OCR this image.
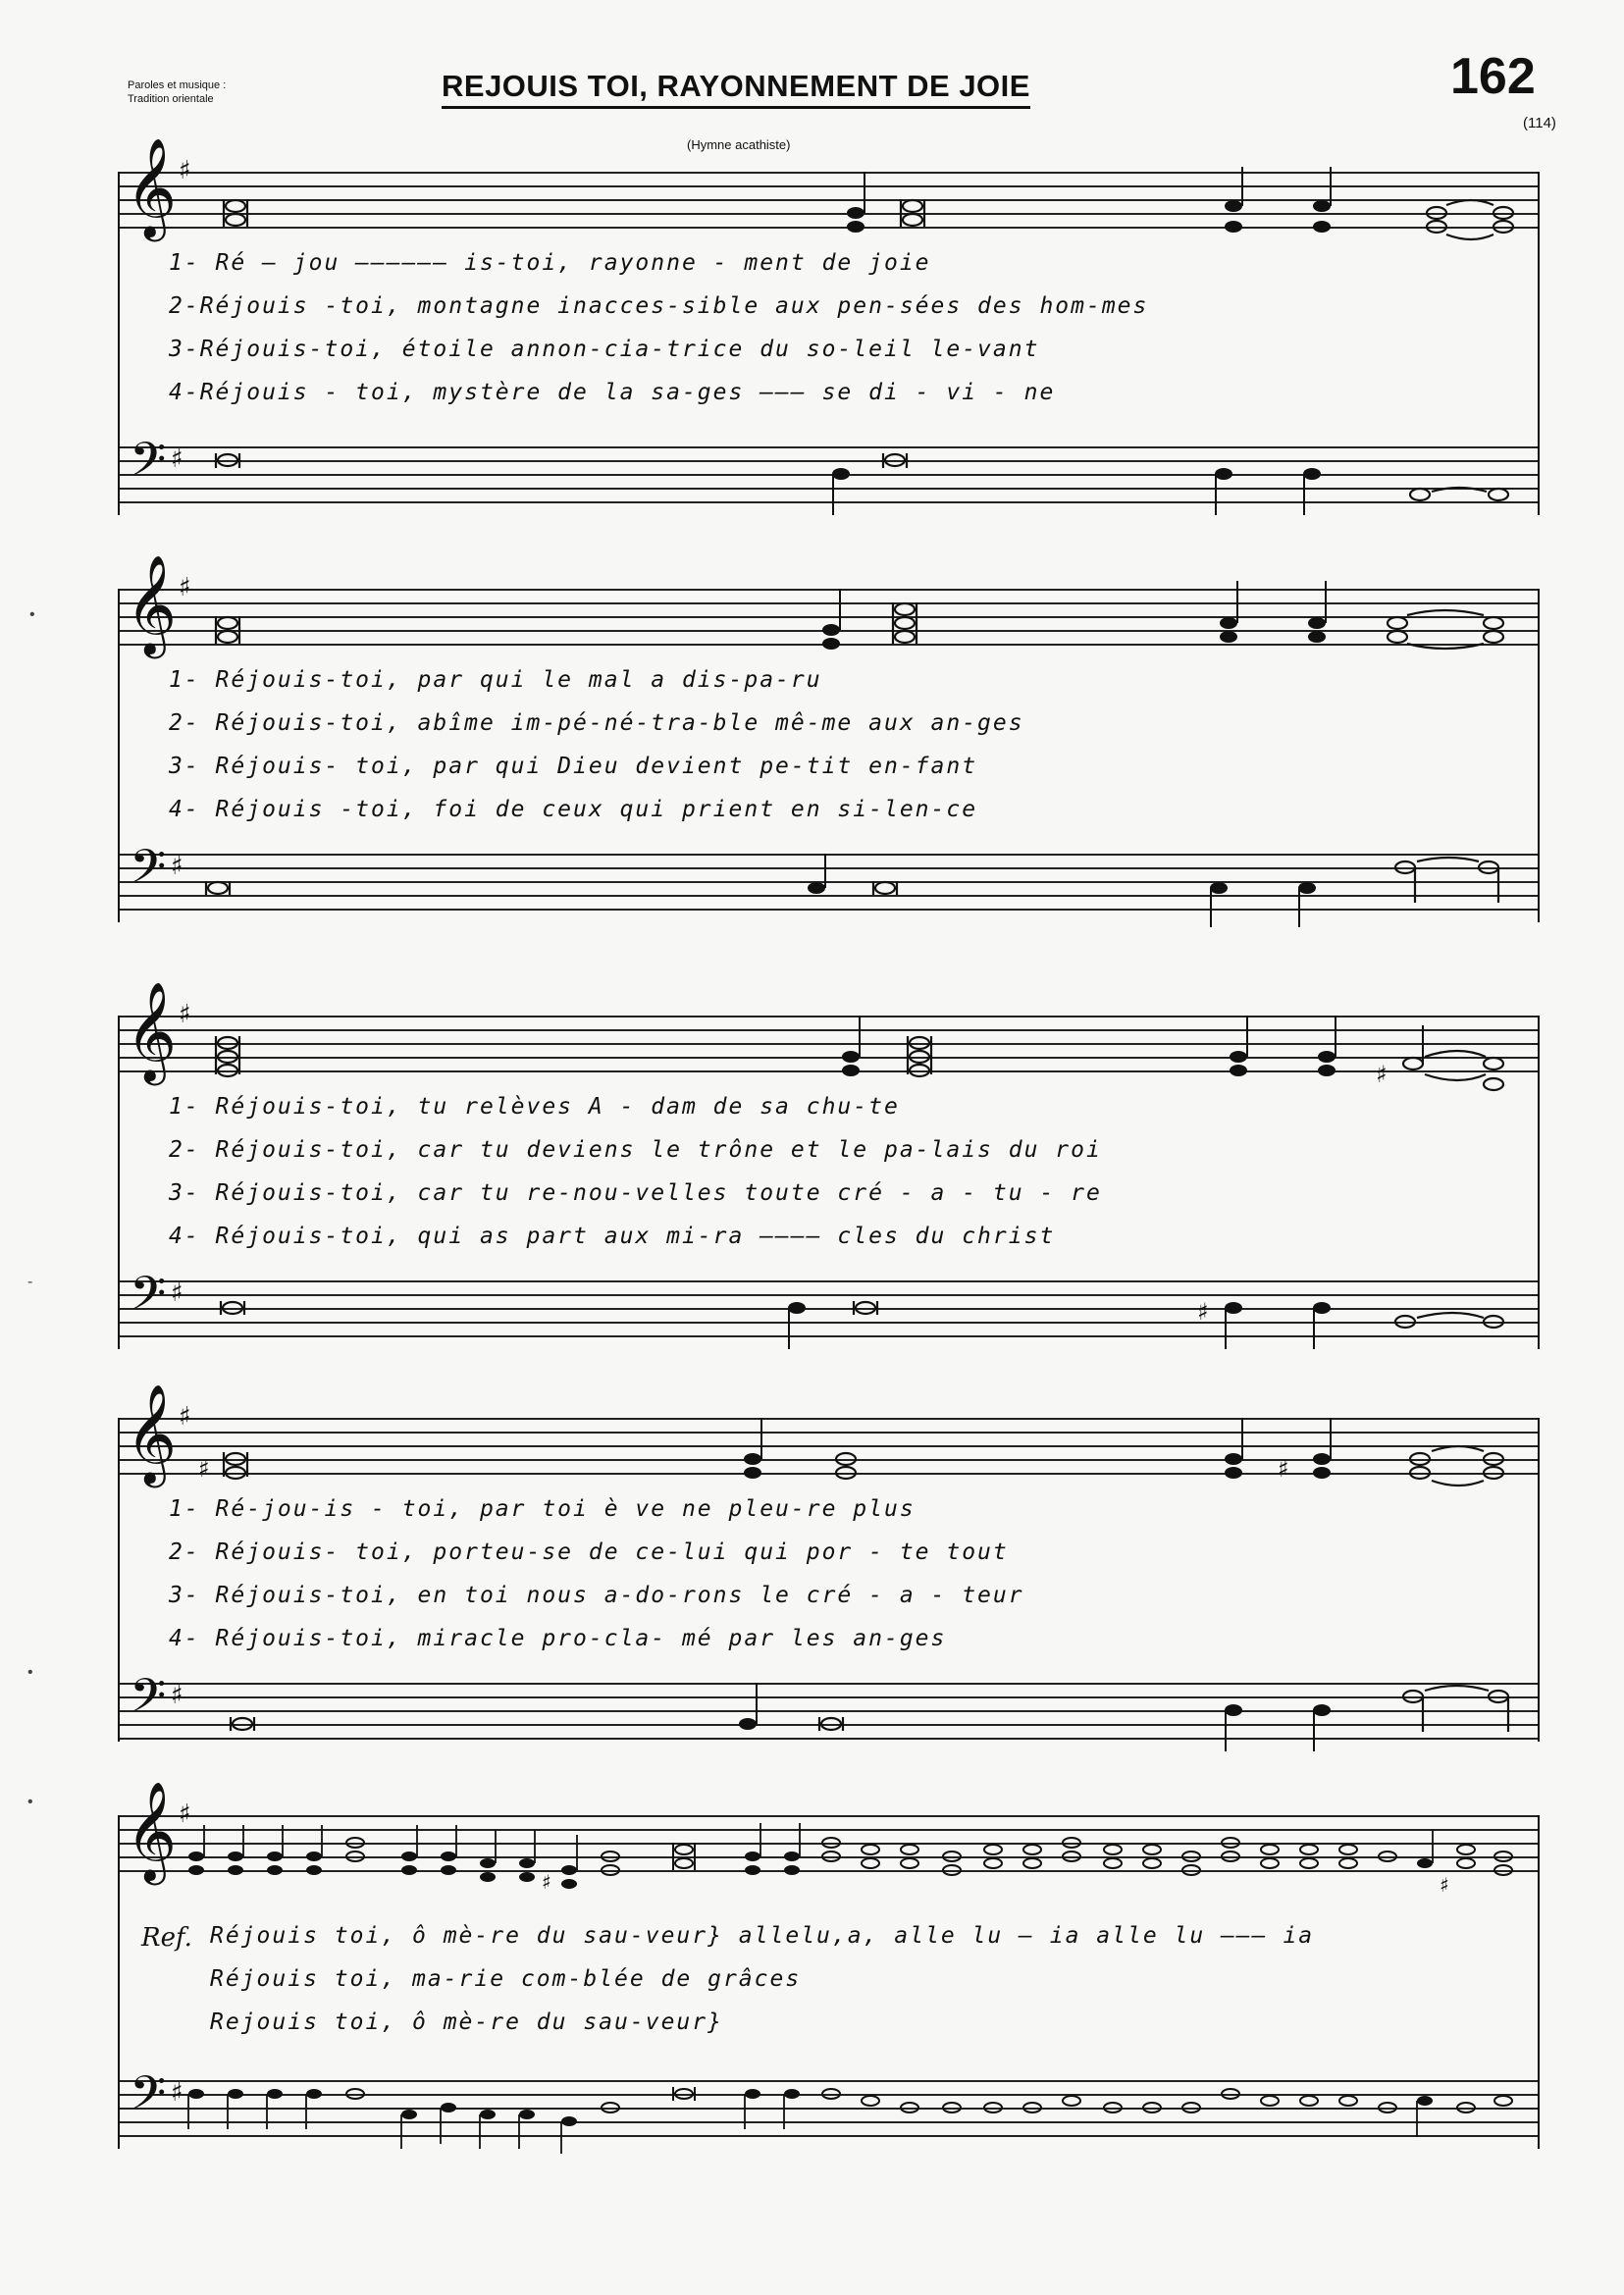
Paroles et musique :
Tradition orientale	REJOUIS TOI, RAYONNEMENT DE JOIE	162
(114)
(Hymne acathiste)
•
-
•
•
𝄞 ♯
1- Ré — jou —————— is-toi, rayonne - ment de joie
2-Réjouis -toi, montagne inacces-sible aux pen-sées des hom-mes
3-Réjouis-toi, étoile annon-cia-trice du so-leil le-vant
4-Réjouis - toi, mystère de la sa-ges ——— se di - vi - ne
𝄢 ♯
𝄞 ♯
1- Réjouis-toi, par qui le mal a dis-pa-ru
2- Réjouis-toi, abîme im-pé-né-tra-ble mê-me aux an-ges
3- Réjouis- toi, par qui Dieu devient pe-tit en-fant
4- Réjouis -toi, foi de ceux qui prient en si-len-ce
𝄢 ♯
𝄞 ♯
♯
1- Réjouis-toi, tu relèves A - dam de sa chu-te
2- Réjouis-toi, car tu deviens le trône et le pa-lais du roi
3- Réjouis-toi, car tu re-nou-velles toute cré - a - tu - re
4- Réjouis-toi, qui as part aux mi-ra ———— cles du christ
𝄢 ♯
♯
𝄞 ♯
♯	♯
1- Ré-jou-is - toi, par toi è ve ne pleu-re plus
2- Réjouis- toi, porteu-se de ce-lui qui por - te tout
3- Réjouis-toi, en toi nous a-do-rons le cré - a - teur
4- Réjouis-toi, miracle pro-cla- mé par les an-ges
𝄢 ♯
𝄞 ♯
♯	♯
Ref. Réjouis toi, ô mè-re du sau-veur} allelu,a, alle lu — ia alle lu ——— ia
Réjouis toi, ma-rie com-blée de grâces
Rejouis toi, ô mè-re du sau-veur}
𝄢 ♯
